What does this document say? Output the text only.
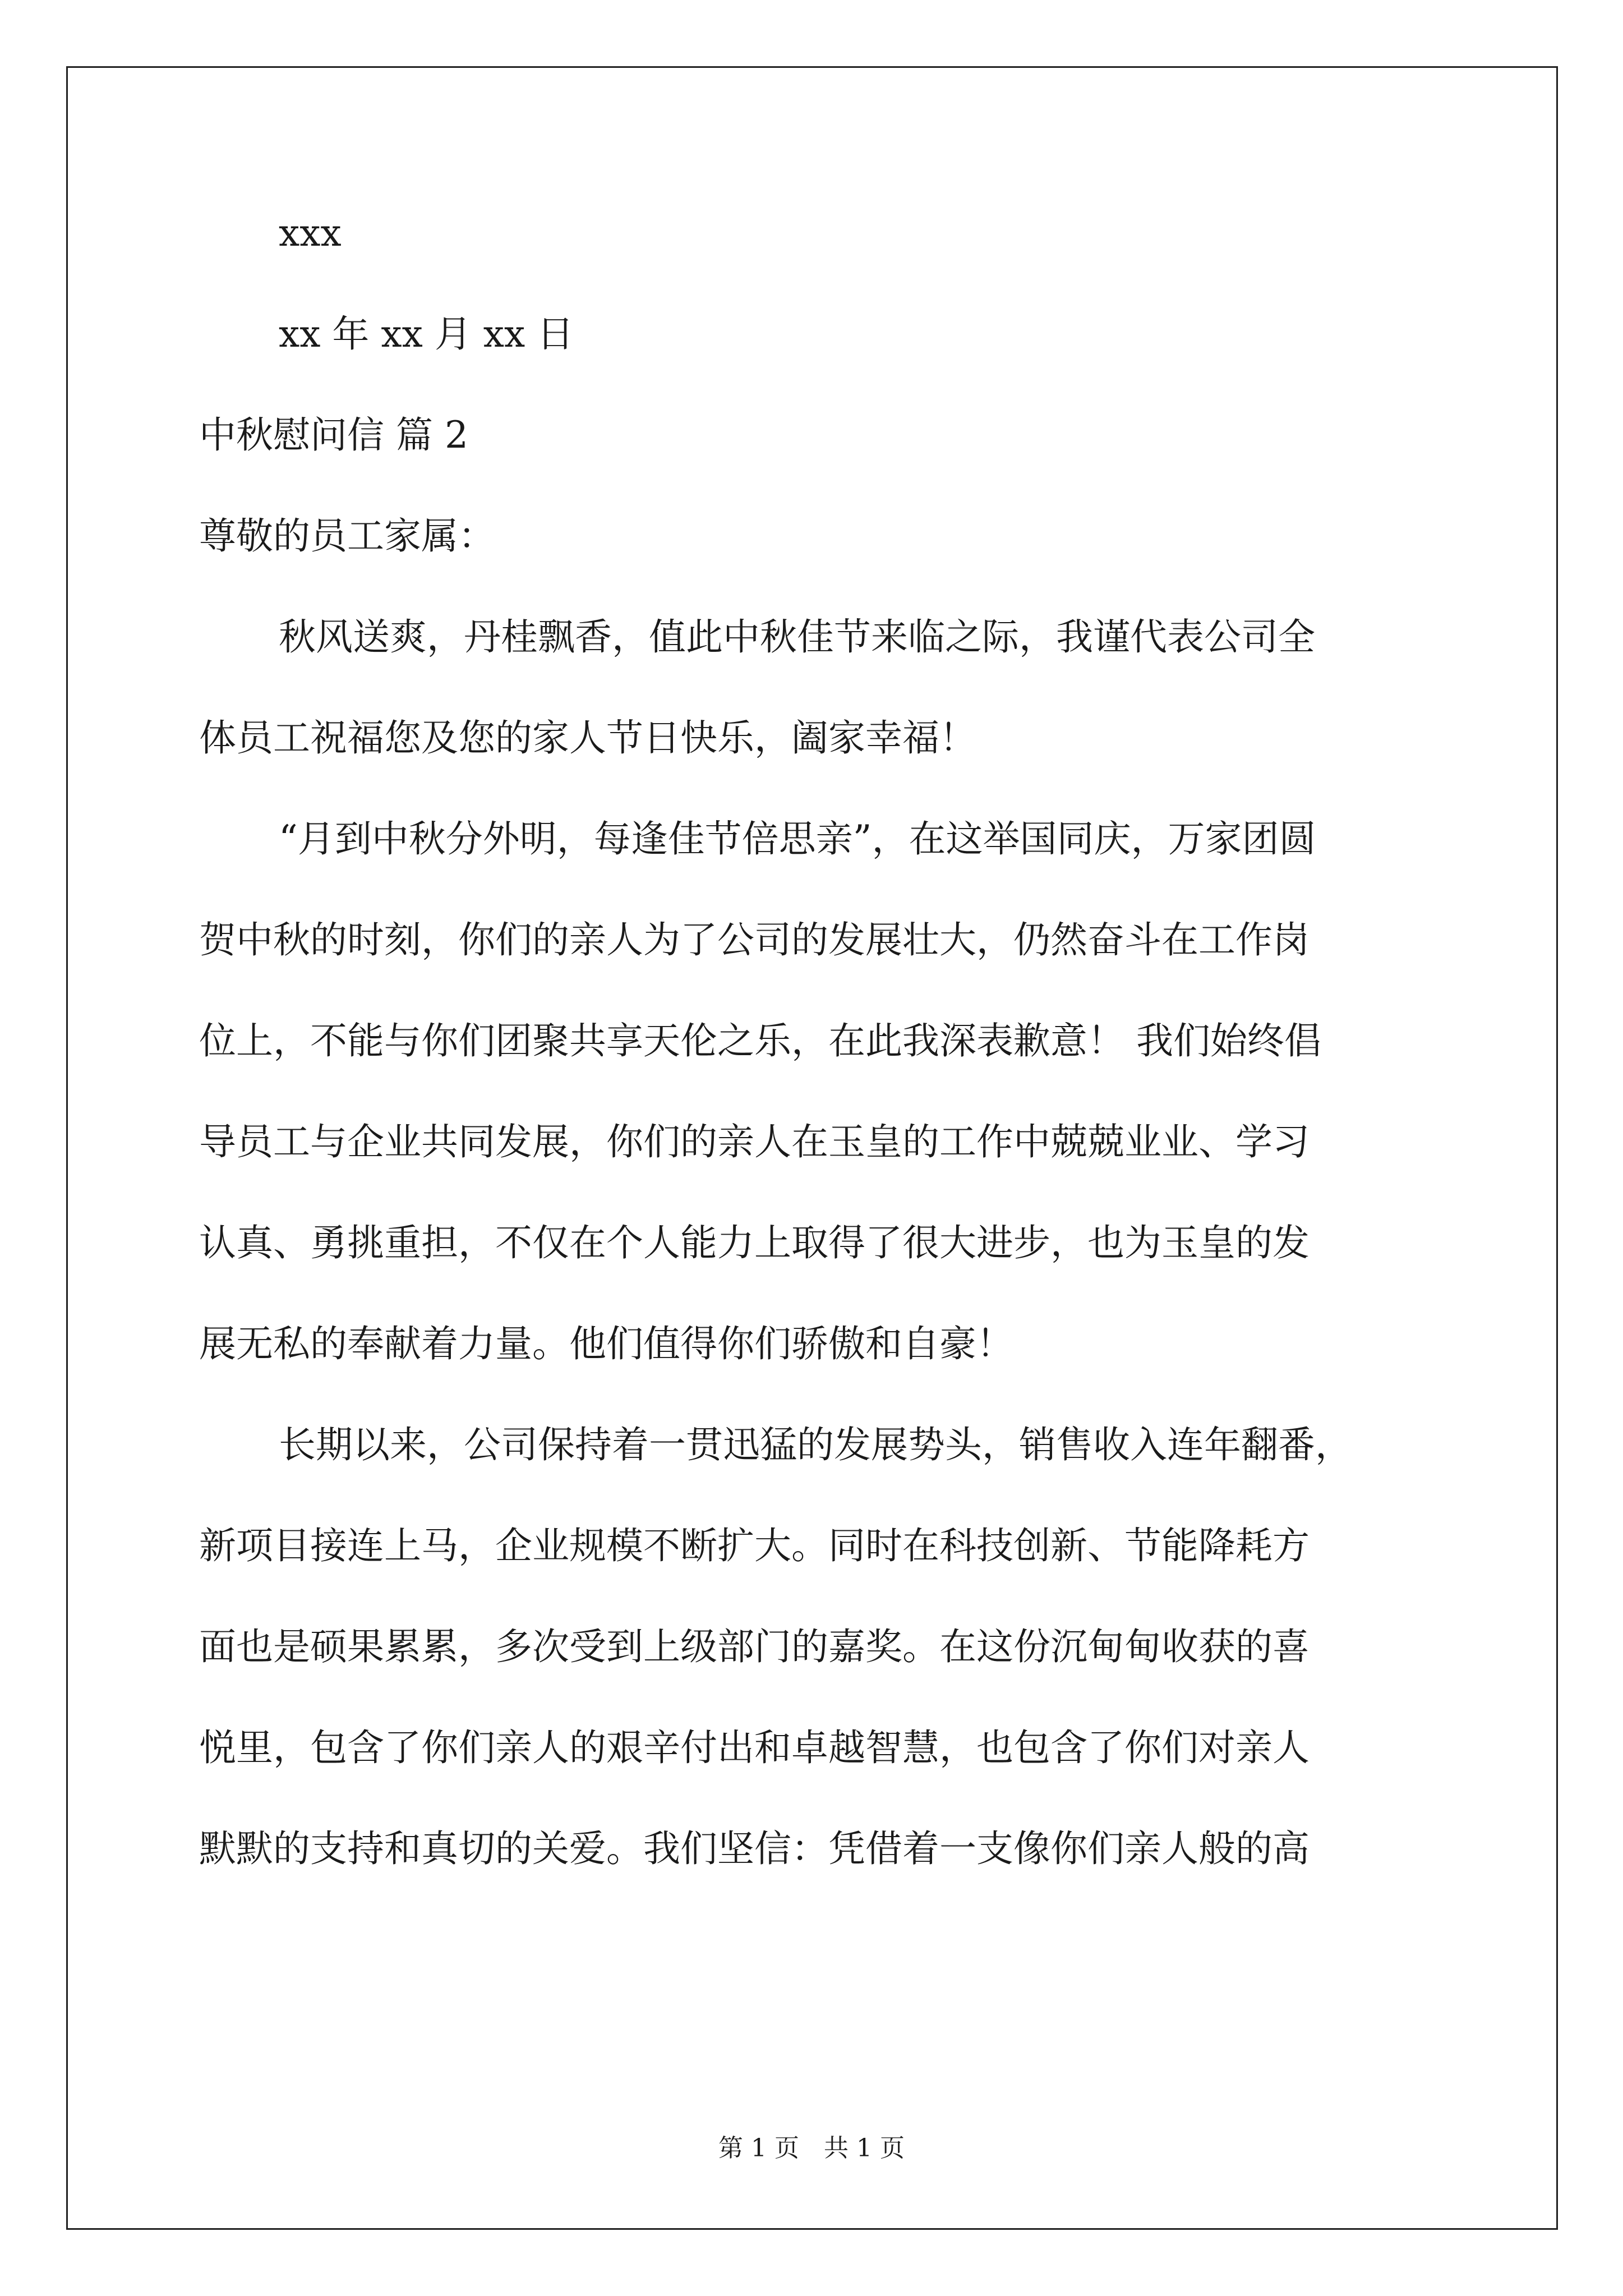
xxx
xx 年 xx 月 xx 日
中秋慰问信 篇 2
尊敬的员工家属：
秋风送爽，丹桂飘香，值此中秋佳节来临之际，我谨代表公司全
体员工祝福您及您的家人节日快乐，阖家幸福！
“月到中秋分外明，每逢佳节倍思亲”，在这举国同庆，万家团圆
贺中秋的时刻，你们的亲人为了公司的发展壮大，仍然奋斗在工作岗
位上，不能与你们团聚共享天伦之乐，在此我深表歉意！ 我们始终倡
导员工与企业共同发展，你们的亲人在玉皇的工作中兢兢业业、学习
认真、勇挑重担，不仅在个人能力上取得了很大进步，也为玉皇的发
展无私的奉献着力量。他们值得你们骄傲和自豪！
长期以来，公司保持着一贯迅猛的发展势头，销售收入连年翻番，
新项目接连上马，企业规模不断扩大。同时在科技创新、节能降耗方
面也是硕果累累，多次受到上级部门的嘉奖。在这份沉甸甸收获的喜
悦里，包含了你们亲人的艰辛付出和卓越智慧，也包含了你们对亲人
默默的支持和真切的关爱。我们坚信：凭借着一支像你们亲人般的高
第 1 页　共 1 页
